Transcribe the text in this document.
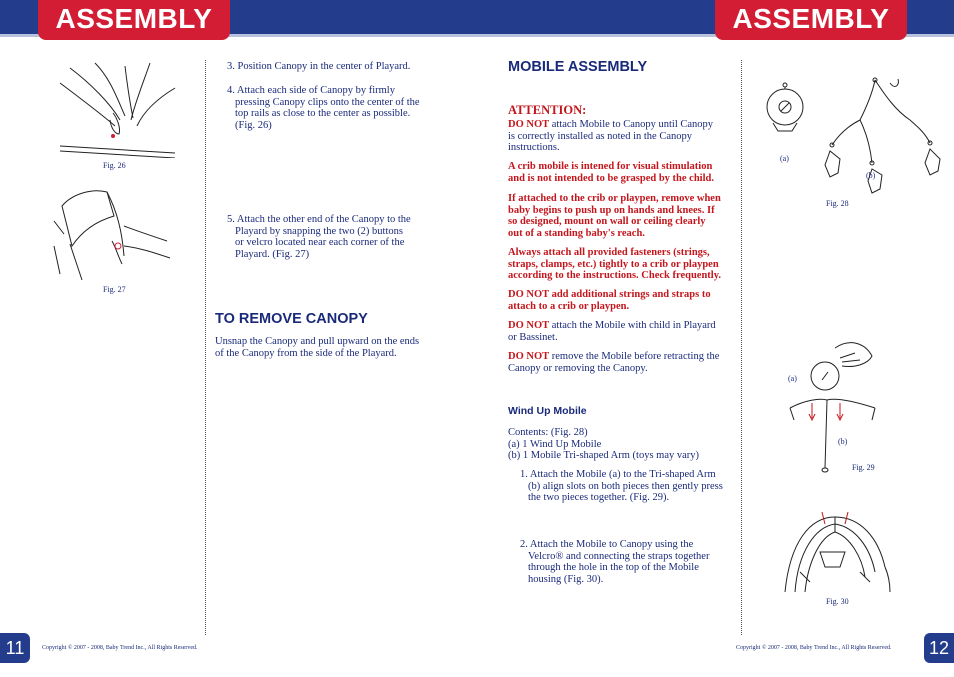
ASSEMBLY	ASSEMBLY
Fig. 26
Fig. 27
3. Position Canopy in the center of Playard.
4. Attach each side of Canopy by firmly
pressing Canopy clips onto the center of the
top rails as close to the center as possible.
(Fig. 26)
5. Attach the other end of the Canopy to the
Playard by snapping the two (2) buttons
or velcro located near each corner of the
Playard. (Fig. 27)
TO REMOVE CANOPY
Unsnap the Canopy and pull upward on the ends
of the Canopy from the side of the Playard.
MOBILE ASSEMBLY
ATTENTION:
DO NOT attach Mobile to Canopy until Canopy
is correctly installed as noted in the Canopy
instructions.
A crib mobile is intened for visual stimulation
and is not intended to be grasped by the child.
If attached to the crib or playpen, remove when
baby begins to push up on hands and knees. If
so designed, mount on wall or ceiling clearly
out of a standing baby's reach.
Always attach all provided fasteners (strings,
straps, clamps, etc.) tightly to a crib or playpen
according to the instructions. Check frequently.
DO NOT add additional strings and straps to
attach to a crib or playpen.
DO NOT attach the Mobile with child in Playard
or Bassinet.
DO NOT remove the Mobile before retracting the
Canopy or removing the Canopy.
Wind Up Mobile
Contents: (Fig. 28)
(a) 1 Wind Up Mobile
(b) 1 Mobile Tri-shaped Arm (toys may vary)
1. Attach the Mobile (a) to the Tri-shaped Arm
(b) align slots on both pieces then gently press
the two pieces together. (Fig. 29).
2. Attach the Mobile to Canopy using the
Velcro® and connecting the straps together
through the hole in the top of the Mobile
housing (Fig. 30).
(a)
(b)
Fig. 28
(a)
(b)
Fig. 29
Fig. 30
11	12
Copyright © 2007 - 2008, Baby Trend Inc., All Rights Reserved.	Copyright © 2007 - 2008, Baby Trend Inc., All Rights Reserved.
